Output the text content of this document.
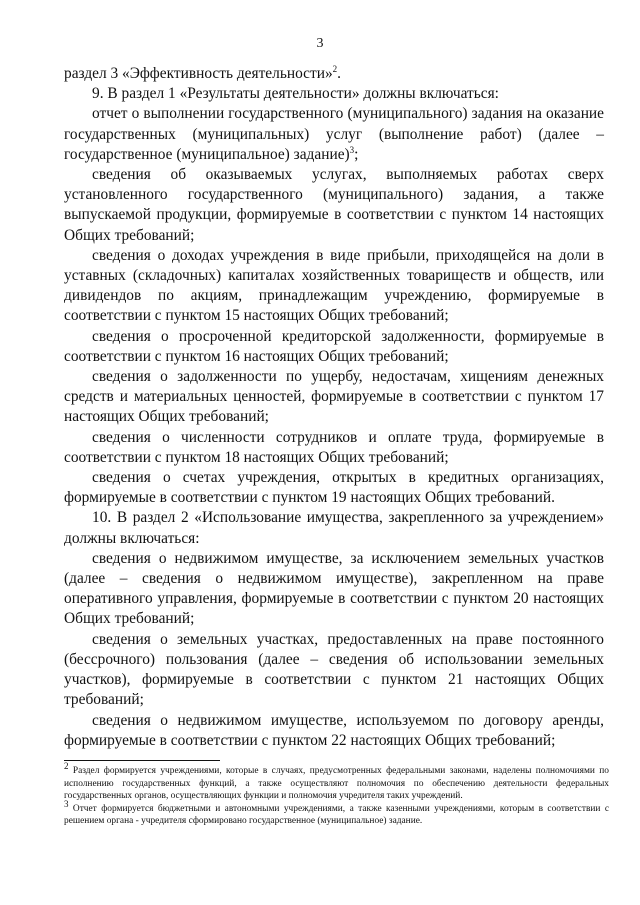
3

раздел 3 «Эффективность деятельности»$^2$.

9. В раздел 1 «Результаты деятельности» должны включаться:

отчет о выполнении государственного (муниципального) задания на оказание государственных (муниципальных) услуг (выполнение работ) (далее – государственное (муниципальное) задание)$^3$;

сведения об оказываемых услугах, выполняемых работах сверх установленного государственного (муниципального) задания, а также выпускаемой продукции, формируемые в соответствии с пунктом 14 настоящих Общих требований;

сведения о доходах учреждения в виде прибыли, приходящейся на доли в уставных (складочных) капиталах хозяйственных товариществ и обществ, или дивидендов по акциям, принадлежащим учреждению, формируемые в соответствии с пунктом 15 настоящих Общих требований;

сведения о просроченной кредиторской задолженности, формируемые в соответствии с пунктом 16 настоящих Общих требований;

сведения о задолженности по ущербу, недостачам, хищениям денежных средств и материальных ценностей, формируемые в соответствии с пунктом 17 настоящих Общих требований;

сведения о численности сотрудников и оплате труда, формируемые в соответствии с пунктом 18 настоящих Общих требований;

сведения о счетах учреждения, открытых в кредитных организациях, формируемые в соответствии с пунктом 19 настоящих Общих требований.

10. В раздел 2 «Использование имущества, закрепленного за учреждением» должны включаться:

сведения о недвижимом имуществе, за исключением земельных участков (далее – сведения о недвижимом имуществе), закрепленном на праве оперативного управления, формируемые в соответствии с пунктом 20 настоящих Общих требований;

сведения о земельных участках, предоставленных на праве постоянного (бессрочного) пользования (далее – сведения об использовании земельных участков), формируемые в соответствии с пунктом 21 настоящих Общих требований;

сведения о недвижимом имуществе, используемом по договору аренды, формируемые в соответствии с пунктом 22 настоящих Общих требований;

$^2$ Раздел формируется учреждениями, которые в случаях, предусмотренных федеральными законами, наделены полномочиями по исполнению государственных функций, а также осуществляют полномочия по обеспечению деятельности федеральных государственных органов, осуществляющих функции и полномочия учредителя таких учреждений.

$^3$ Отчет формируется бюджетными и автономными учреждениями, а также казенными учреждениями, которым в соответствии с решением органа - учредителя сформировано государственное (муниципальное) задание.
